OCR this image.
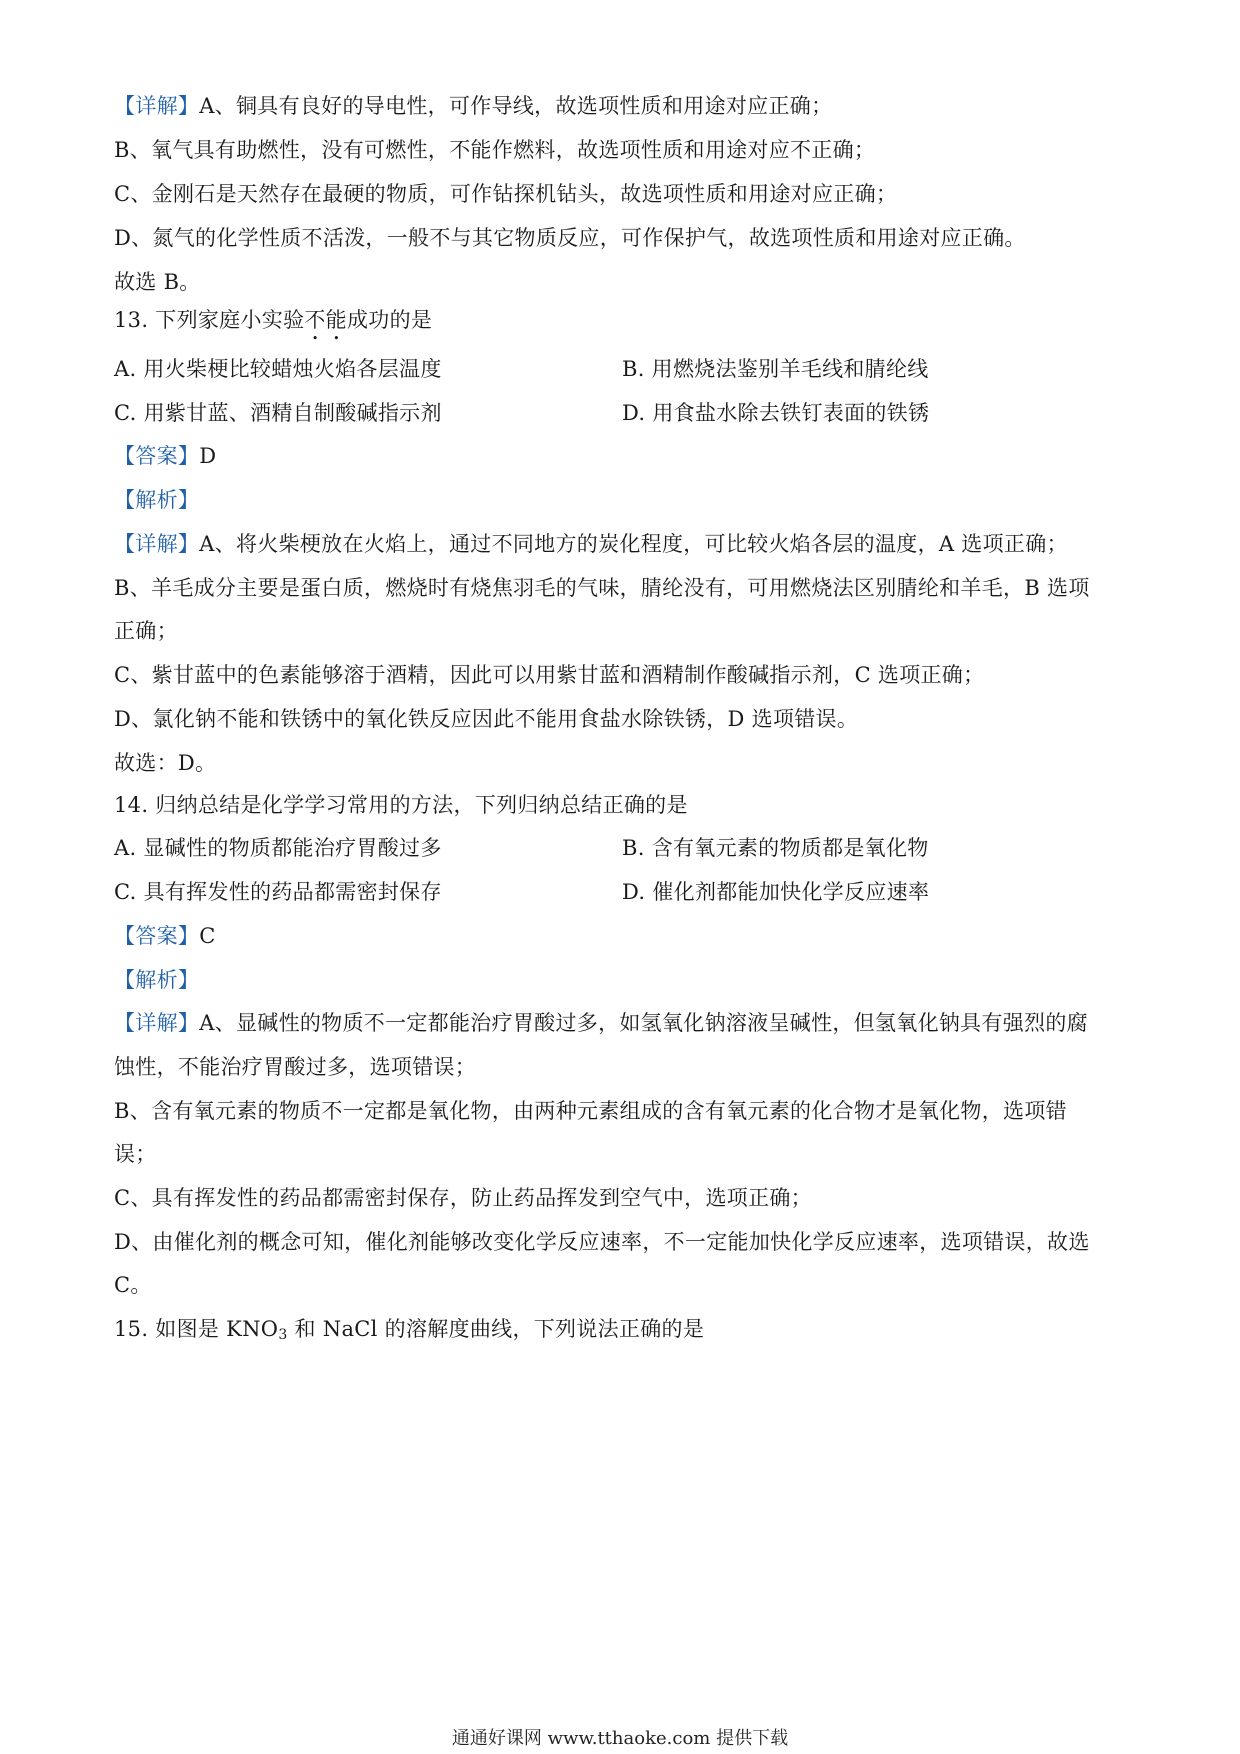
【详解】A、铜具有良好的导电性，可作导线，故选项性质和用途对应正确；
B、氧气具有助燃性，没有可燃性，不能作燃料，故选项性质和用途对应不正确；
C、金刚石是天然存在最硬的物质，可作钻探机钻头，故选项性质和用途对应正确；
D、氮气的化学性质不活泼，一般不与其它物质反应，可作保护气，故选项性质和用途对应正确。
故选 B。
13. 下列家庭小实验不能成功的是
A. 用火柴梗比较蜡烛火焰各层温度	B. 用燃烧法鉴别羊毛线和腈纶线
C. 用紫甘蓝、酒精自制酸碱指示剂	D. 用食盐水除去铁钉表面的铁锈
【答案】D
【解析】
【详解】A、将火柴梗放在火焰上，通过不同地方的炭化程度，可比较火焰各层的温度，A 选项正确；
B、羊毛成分主要是蛋白质，燃烧时有烧焦羽毛的气味，腈纶没有，可用燃烧法区别腈纶和羊毛，B 选项
正确；
C、紫甘蓝中的色素能够溶于酒精，因此可以用紫甘蓝和酒精制作酸碱指示剂，C 选项正确；
D、氯化钠不能和铁锈中的氧化铁反应因此不能用食盐水除铁锈，D 选项错误。
故选：D。
14. 归纳总结是化学学习常用的方法，下列归纳总结正确的是
A. 显碱性的物质都能治疗胃酸过多	B. 含有氧元素的物质都是氧化物
C. 具有挥发性的药品都需密封保存	D. 催化剂都能加快化学反应速率
【答案】C
【解析】
【详解】A、显碱性的物质不一定都能治疗胃酸过多，如氢氧化钠溶液呈碱性，但氢氧化钠具有强烈的腐
蚀性，不能治疗胃酸过多，选项错误；
B、含有氧元素的物质不一定都是氧化物，由两种元素组成的含有氧元素的化合物才是氧化物，选项错
误；
C、具有挥发性的药品都需密封保存，防止药品挥发到空气中，选项正确；
D、由催化剂的概念可知，催化剂能够改变化学反应速率，不一定能加快化学反应速率，选项错误，故选
C。
15. 如图是 $KNO_3$ 和 NaCl 的溶解度曲线，下列说法正确的是
通通好课网 www.tthaoke.com 提供下载
